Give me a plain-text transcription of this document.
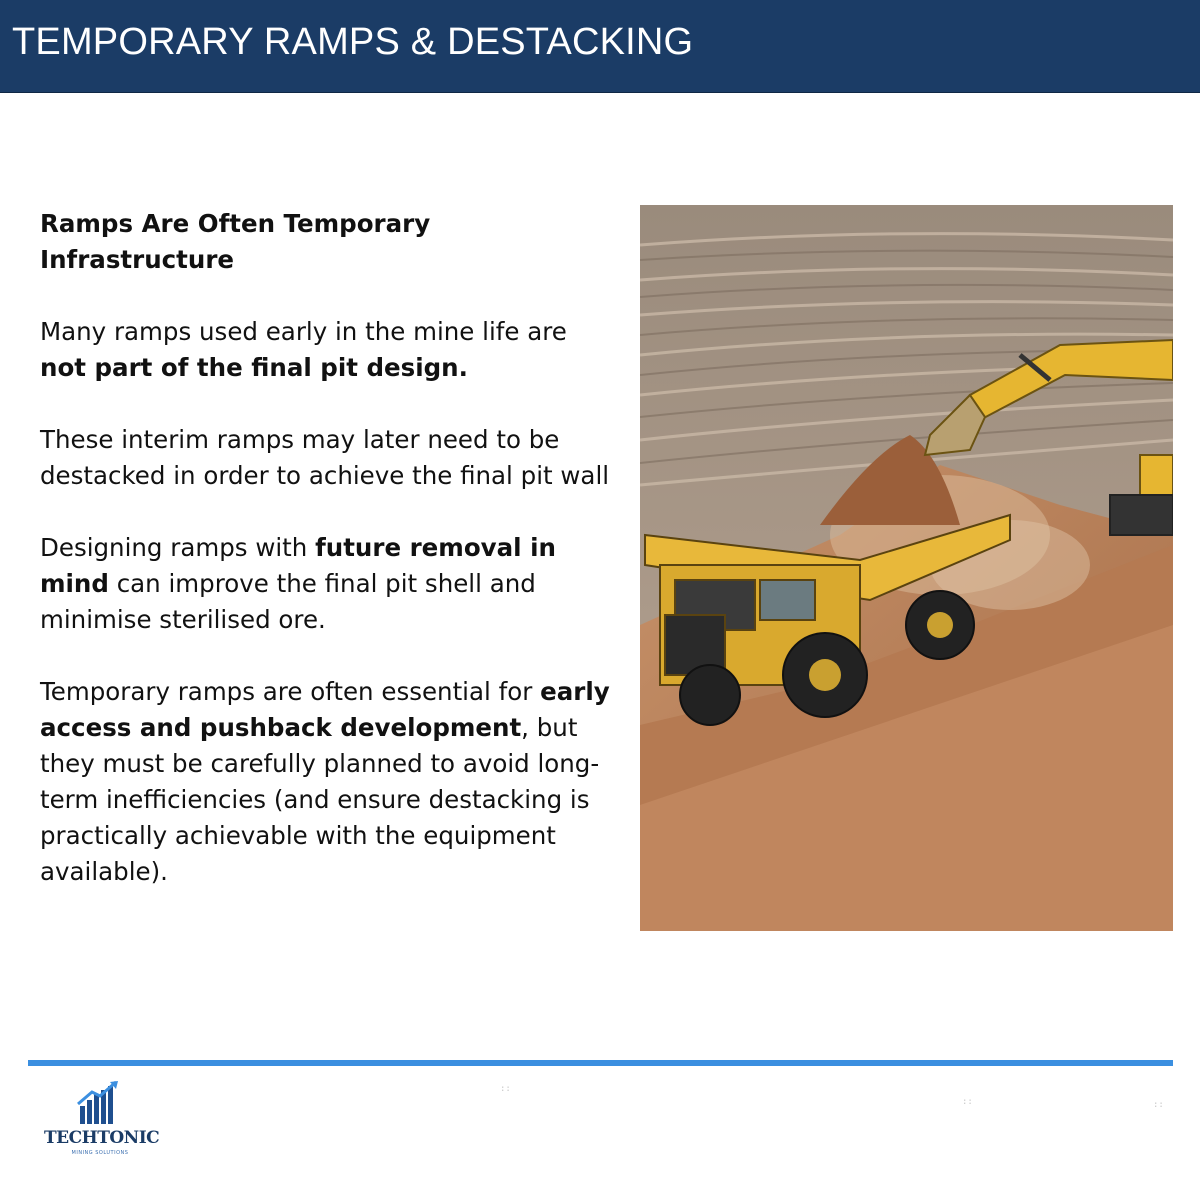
TEMPORARY RAMPS & DESTACKING

Ramps Are Often Temporary
Infrastructure

Many ramps used early in the mine life are not part of the final pit design.

These interim ramps may later need to be destacked in order to achieve the final pit wall

Designing ramps with future removal in mind can improve the final pit shell and minimise sterilised ore.

Temporary ramps are often essential for early access and pushback development, but they must be carefully planned to avoid long-term inefficiencies (and ensure destacking is practically achievable with the equipment available).

TECHTONIC
MINING SOLUTIONS
::
::	::
